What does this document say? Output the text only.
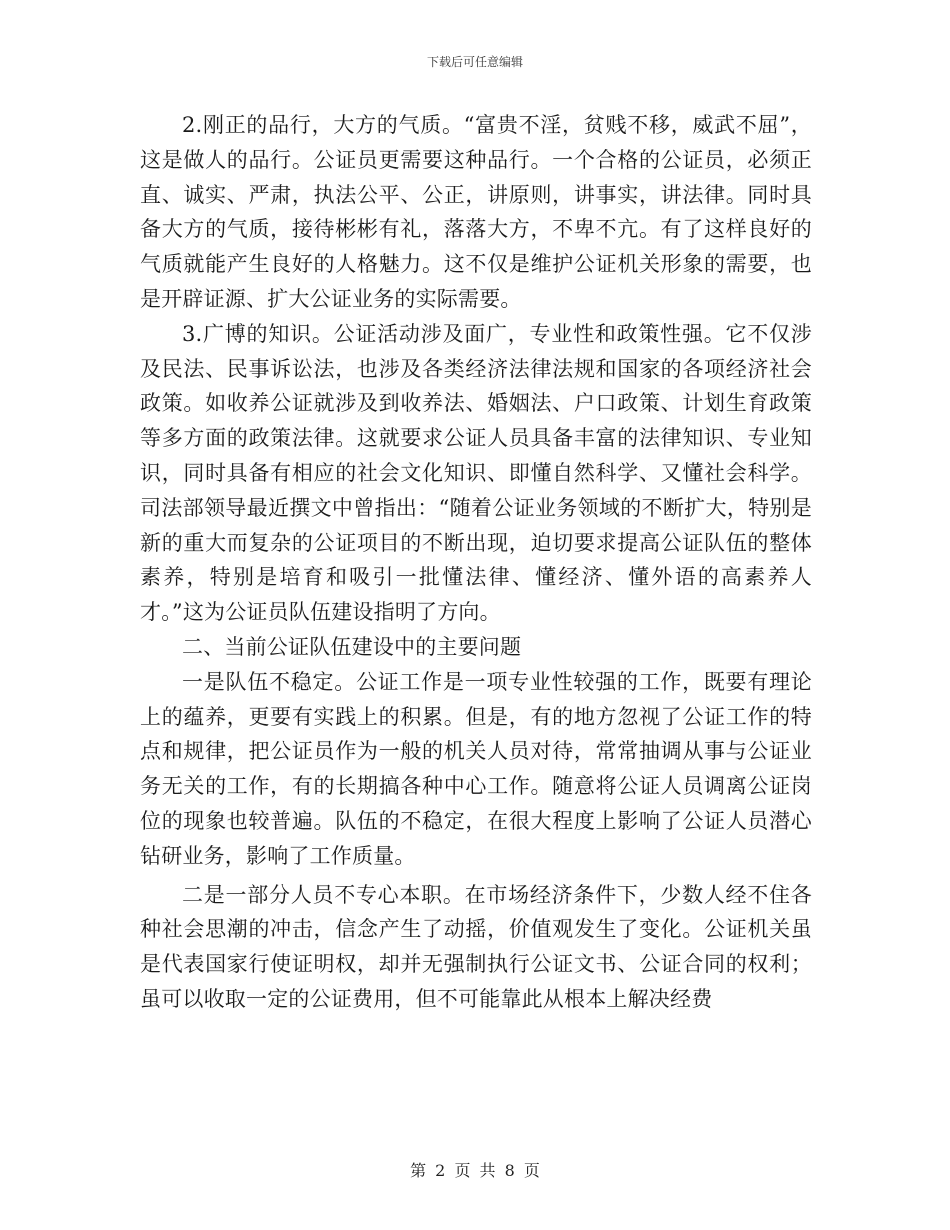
下载后可任意编辑

2.刚正的品行，大方的气质。“富贵不淫，贫贱不移，威武不屈”，这是做人的品行。公证员更需要这种品行。一个合格的公证员，必须正直、诚实、严肃，执法公平、公正，讲原则，讲事实，讲法律。同时具备大方的气质，接待彬彬有礼，落落大方，不卑不亢。有了这样良好的气质就能产生良好的人格魅力。这不仅是维护公证机关形象的需要，也是开辟证源、扩大公证业务的实际需要。

3.广博的知识。公证活动涉及面广，专业性和政策性强。它不仅涉及民法、民事诉讼法，也涉及各类经济法律法规和国家的各项经济社会政策。如收养公证就涉及到收养法、婚姻法、户口政策、计划生育政策等多方面的政策法律。这就要求公证人员具备丰富的法律知识、专业知识，同时具备有相应的社会文化知识、即懂自然科学、又懂社会科学。司法部领导最近撰文中曾指出：“随着公证业务领域的不断扩大，特别是新的重大而复杂的公证项目的不断出现，迫切要求提高公证队伍的整体素养，特别是培育和吸引一批懂法律、懂经济、懂外语的高素养人才。”这为公证员队伍建设指明了方向。

二、当前公证队伍建设中的主要问题

一是队伍不稳定。公证工作是一项专业性较强的工作，既要有理论上的蕴养，更要有实践上的积累。但是，有的地方忽视了公证工作的特点和规律，把公证员作为一般的机关人员对待，常常抽调从事与公证业务无关的工作，有的长期搞各种中心工作。随意将公证人员调离公证岗位的现象也较普遍。队伍的不稳定，在很大程度上影响了公证人员潜心钻研业务，影响了工作质量。

二是一部分人员不专心本职。在市场经济条件下，少数人经不住各种社会思潮的冲击，信念产生了动摇，价值观发生了变化。公证机关虽是代表国家行使证明权，却并无强制执行公证文书、公证合同的权利；虽可以收取一定的公证费用，但不可能靠此从根本上解决经费

第 2 页 共 8 页
